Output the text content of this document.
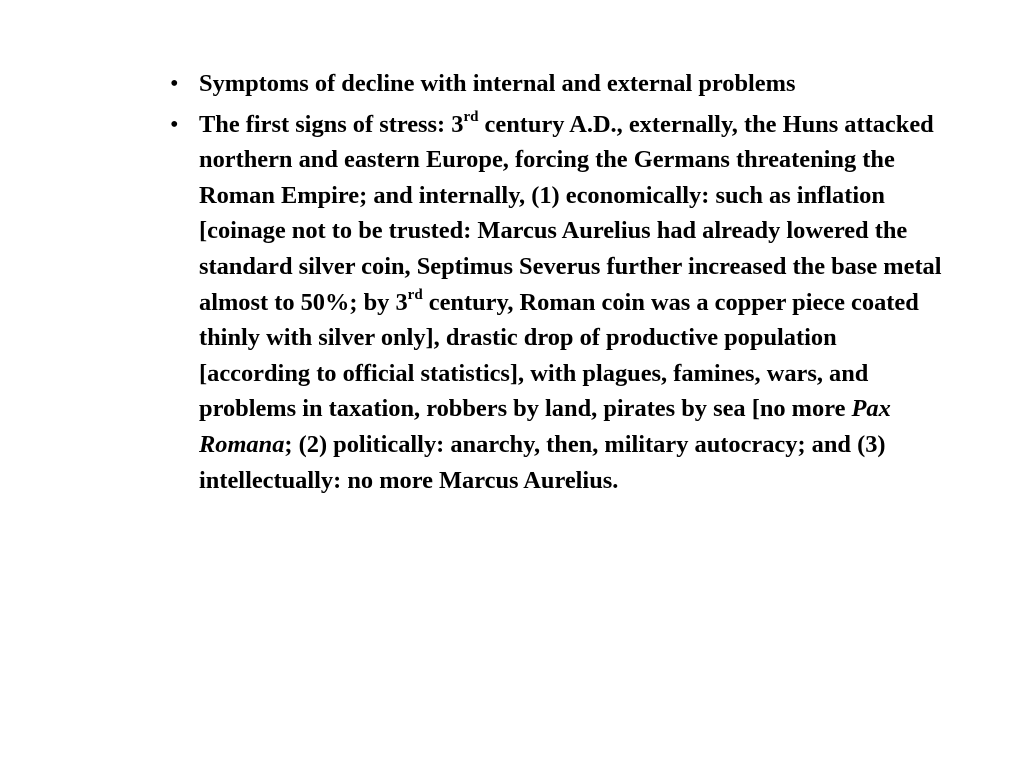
• Symptoms of decline with internal and external problems
• The first signs of stress: 3rd century A.D., externally, the Huns attacked northern and eastern Europe, forcing the Germans threatening the Roman Empire; and internally, (1) economically: such as inflation [coinage not to be trusted: Marcus Aurelius had already lowered the standard silver coin, Septimus Severus further increased the base metal almost to 50%; by 3rd century, Roman coin was a copper piece coated thinly with silver only], drastic drop of productive population [according to official statistics], with plagues, famines, wars, and problems in taxation, robbers by land, pirates by sea [no more Pax Romana; (2) politically: anarchy, then, military autocracy; and (3) intellectually: no more Marcus Aurelius.
